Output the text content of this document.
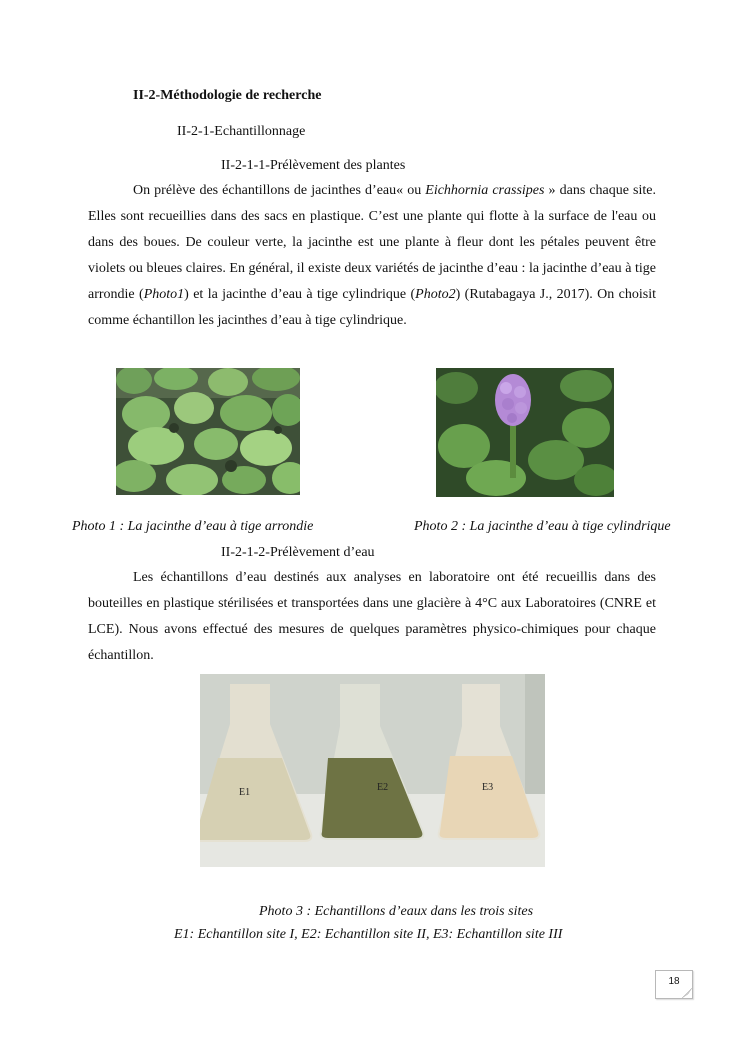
II-2-Méthodologie de recherche
II-2-1-Echantillonnage
II-2-1-1-Prélèvement des plantes

On prélève des échantillons de jacinthes d’eau« ou Eichhornia crassipes » dans chaque site. Elles sont recueillies dans des sacs en plastique. C’est une plante qui flotte à la surface de l'eau ou dans des boues. De couleur verte, la jacinthe est une plante à fleur dont les pétales peuvent être violets ou bleues claires. En général, il existe deux variétés de jacinthe d’eau : la jacinthe d’eau à tige arrondie (Photo1) et la jacinthe d’eau à tige cylindrique (Photo2) (Rutabagaya J., 2017). On choisit comme échantillon les jacinthes d’eau à tige cylindrique.

Photo 1 : La jacinthe d’eau à tige arrondie	Photo 2 : La jacinthe d’eau à tige cylindrique
II-2-1-2-Prélèvement d’eau

Les échantillons d’eau destinés aux analyses en laboratoire ont été recueillis dans des bouteilles en plastique stérilisées et transportées dans une glacière à 4°C aux Laboratoires (CNRE et LCE). Nous avons effectué des mesures de quelques paramètres physico-chimiques pour chaque échantillon.

E1	E2	E3
Photo 3 : Echantillons d’eaux dans les trois sites
E1: Echantillon site I, E2: Echantillon site II, E3: Echantillon site III
18
